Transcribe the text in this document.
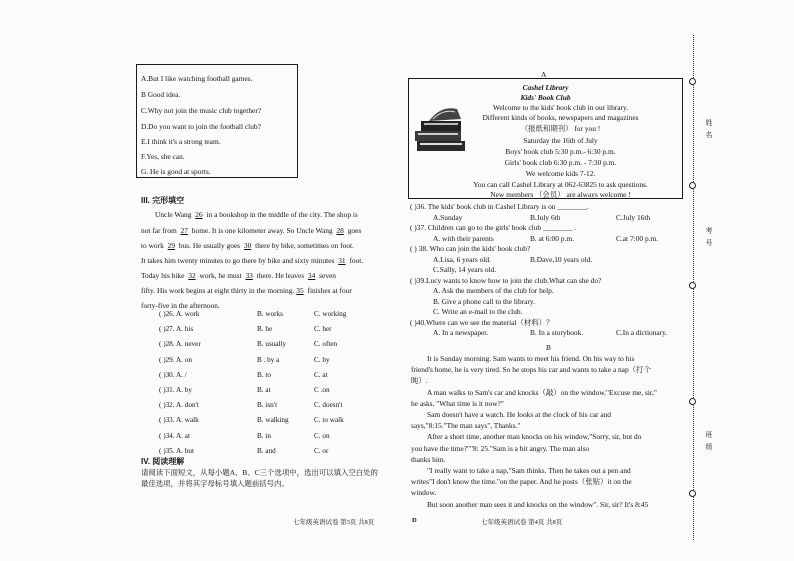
A.But I like watching football games.
B Good idea.
C.Why not join the music club together?
D.Do you want to join the football club?
E.I think it's a strong team.
F.Yes, she can.
G. He is good at sports.
III. 完形填空
Uncle Wang 26 in a bookshop in the middle of the city. The shop is
not far from 27 home. It is one kilometer away. So Uncle Wang 28 goes
to work 29 bus. He usually goes 30 there by bike, sometimes on foot.
It takes him twenty minutes to go there by bike and sixty minutes 31 foot.
Today his bike 32 work, he must 33 there. He leaves 34 seven
fifty. His work begins at eight thirty in the morning. 35 finishes at four
forty-five in the afternoon.
( )26. A. work	B. works	C. working
( )27. A. his	B. he	C. her
( )28. A. never	B. usually	C. often
( )29. A. on	B . by a	C. by
( )30. A. /	B. to	C. at
( )31. A. by	B. at	C .on
( )32. A. don't	B. isn't	C. doesn't
( )33. A. walk	B. walking	C. to walk
( )34. A. at	B. in	C. on
( )35. A. but	B. and	C. or
IV. 阅读理解
请阅读下面短文，从每小题A、B、C三个选项中，选出可以填入空白处的
最佳选项，并将其字母标号填入题前括号内。
A
Cashel Library
Kids' Book Club
Welcome to the kids' book club in our library.
Different kinds of books, newspapers and magazines
（报纸和期刊） for you !
Saturday the 16th of July
Boys' book club 5:30 p.m.- 6:30 p.m.
Girls' book club 6:30 p.m. - 7:30 p.m.
We welcome kids 7-12.
You can call Cashel Library at 062-63825 to ask questions.
New members （会员） are always welcome !
( )36. The kids' book club in Cashel Library is on ________.
A.Sunday	B.July 6th	C.July 16th
( )37. Children can go to the girls' book club ________ .
A. with their parents	B. at 6:00 p.m.	C.at 7:00 p.m.
( ) 38. Who can join the kids' book club?
A.Lisa, 6 years old.	B.Dave,10 years old.
C.Sally, 14 years old.
( )39.Lucy wants to know how to join the club.What can she do?
A. Ask the members of the club for help.
B. Give a phone call to the library.
C. Write an e-mail to the club.
( )40.Where can we see the material（材料）？
A. In a newspaper.	B. In a storybook.	C.In a dictionary.
B
It is Sunday morning. Sam wants to meet his friend. On his way to his
friend's home, he is very tired. So he stops his car and wants to take a nap（打个
盹）.
A man walks to Sam's car and knocks（敲）on the window."Excuse me, sir,"
he asks, "What time is it now?"
Sam doesn't have a watch. He looks at the clock of his car and
says,"8:15."The man says", Thanks."
After a short time, another man knocks on his window,"Sorry, sir, but do
you have the time?""8: 25."Sam is a bit angry. The man also
thanks him.
"I really want to take a nap,"Sam thinks. Then he takes out a pen and
writes"I don't know the time."on the paper. And he posts（张贴）it on the
window.
But soon another man sees it and knocks on the window". Sir, sir? It's 8:45
七年级英语试卷 第3页 共8页	D	七年级英语试卷 第4页 共8页
姓
名
考
号
班
级
